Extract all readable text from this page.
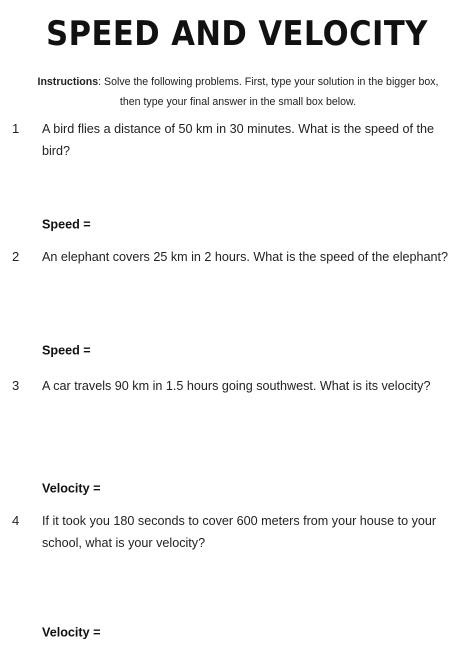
SPEED AND VELOCITY
Instructions: Solve the following problems. First, type your solution in the bigger box, then type your final answer in the small box below.
1 A bird flies a distance of 50 km in 30 minutes. What is the speed of the bird?

Speed =
2 An elephant covers 25 km in 2 hours. What is the speed of the elephant?

Speed =
3 A car travels 90 km in 1.5 hours going southwest. What is its velocity?

Velocity =
4 If it took you 180 seconds to cover 600 meters from your house to your school, what is your velocity?

Velocity =
